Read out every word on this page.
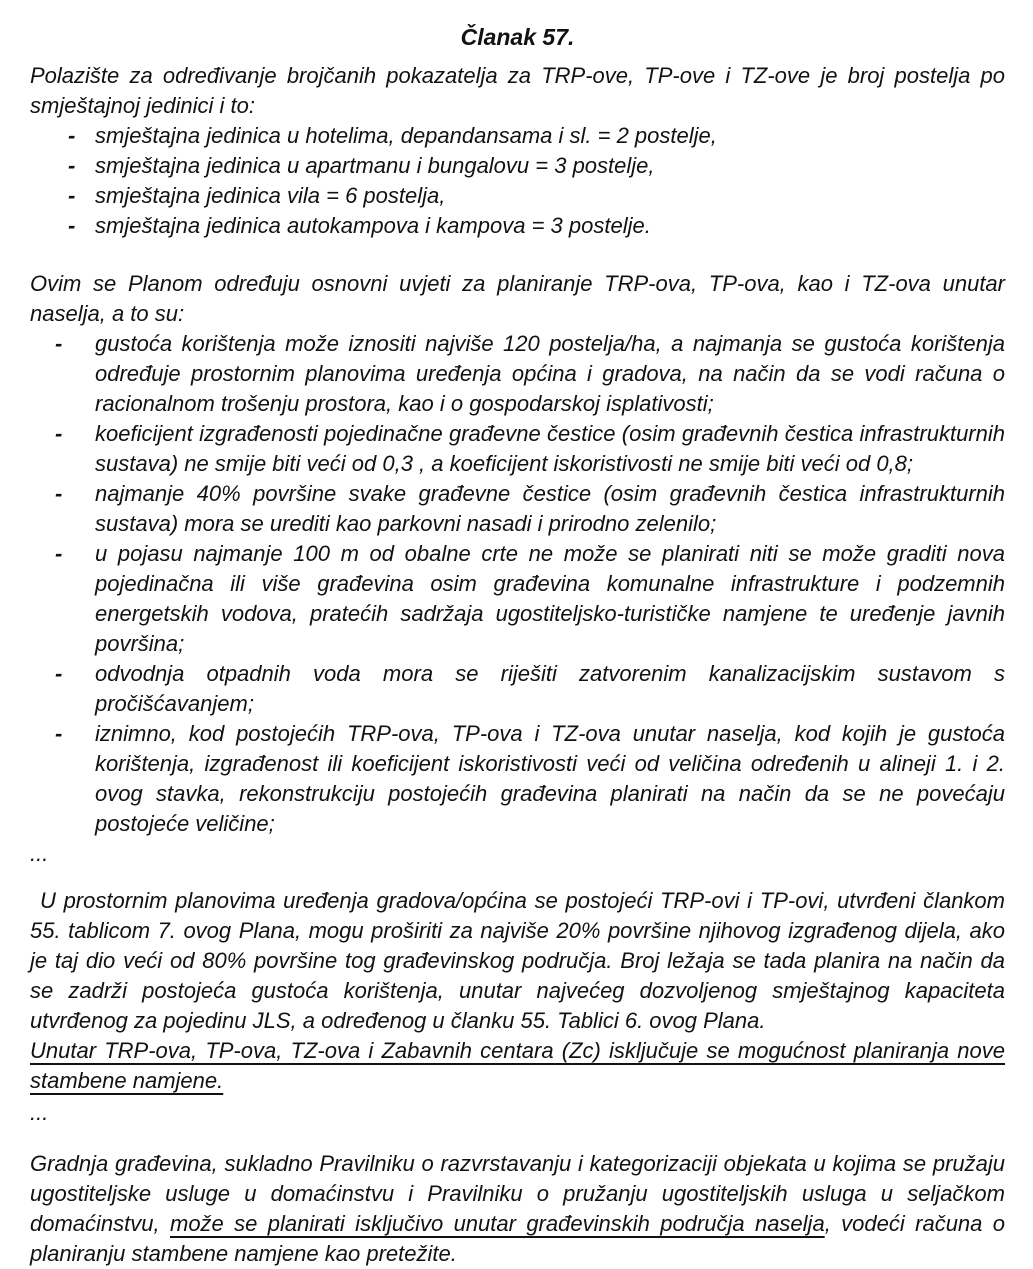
Članak 57.

Polazište za određivanje brojčanih pokazatelja za TRP-ove, TP-ove i TZ-ove je broj postelja po smještajnoj jedinici i to:

- smještajna jedinica u hotelima, depandansama i sl. = 2 postelje,
- smještajna jedinica u apartmanu i bungalovu = 3 postelje,
- smještajna jedinica vila = 6 postelja,
- smještajna jedinica autokampova i kampova = 3 postelje.

Ovim se Planom određuju osnovni uvjeti za planiranje TRP-ova, TP-ova, kao i TZ-ova unutar naselja, a to su:

- gustoća korištenja može iznositi najviše 120 postelja/ha, a najmanja se gustoća korištenja određuje prostornim planovima uređenja općina i gradova, na način da se vodi računa o racionalnom trošenju prostora, kao i o gospodarskoj isplativosti;
- koeficijent izgrađenosti pojedinačne građevne čestice (osim građevnih čestica infrastrukturnih sustava) ne smije biti veći od 0,3 , a koeficijent iskoristivosti ne smije biti veći od 0,8;
- najmanje 40% površine svake građevne čestice (osim građevnih čestica infrastrukturnih sustava) mora se urediti kao parkovni nasadi i prirodno zelenilo;
- u pojasu najmanje 100 m od obalne crte ne može se planirati niti se može graditi nova pojedinačna ili više građevina osim građevina komunalne infrastrukture i podzemnih energetskih vodova, pratećih sadržaja ugostiteljsko-turističke namjene te uređenje javnih površina;
- odvodnja otpadnih voda mora se riješiti zatvorenim kanalizacijskim sustavom s pročišćavanjem;
- iznimno, kod postojećih TRP-ova, TP-ova i TZ-ova unutar naselja, kod kojih je gustoća korištenja, izgrađenost ili koeficijent iskoristivosti veći od veličina određenih u alineji 1. i 2. ovog stavka, rekonstrukciju postojećih građevina planirati na način da se ne povećaju postojeće veličine;

...

U prostornim planovima uređenja gradova/općina se postojeći TRP-ovi i TP-ovi, utvrđeni člankom 55. tablicom 7. ovog Plana, mogu proširiti za najviše 20% površine njihovog izgrađenog dijela, ako je taj dio veći od 80% površine tog građevinskog područja. Broj ležaja se tada planira na način da se zadrži postojeća gustoća korištenja, unutar najvećeg dozvoljenog smještajnog kapaciteta utvrđenog za pojedinu JLS, a određenog u članku 55. Tablici 6. ovog Plana.

Unutar TRP-ova, TP-ova, TZ-ova i Zabavnih centara (Zc) isključuje se mogućnost planiranja nove stambene namjene.

...

Gradnja građevina, sukladno Pravilniku o razvrstavanju i kategorizaciji objekata u kojima se pružaju ugostiteljske usluge u domaćinstvu i Pravilniku o pružanju ugostiteljskih usluga u seljačkom domaćinstvu, može se planirati isključivo unutar građevinskih područja naselja, vodeći računa o planiranju stambene namjene kao pretežite.
